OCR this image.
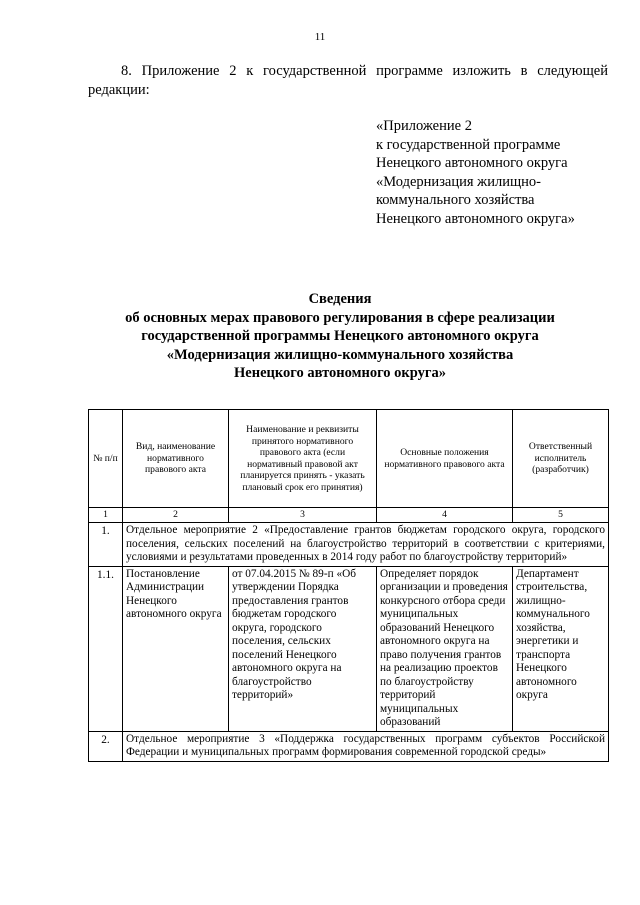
11
8. Приложение 2 к государственной программе изложить в следующей редакции:
«Приложение 2
к государственной программе
Ненецкого автономного округа
«Модернизация жилищно-
коммунального хозяйства
Ненецкого автономного округа»
Сведения
об основных мерах правового регулирования в сфере реализации
государственной программы Ненецкого автономного округа
«Модернизация жилищно-коммунального хозяйства
Ненецкого автономного округа»
№ п/п	Вид, наименование нормативного правового акта	Наименование и реквизиты принятого нормативного правового акта (если нормативный правовой акт планируется принять - указать плановый срок его принятия)	Основные положения нормативного правового акта	Ответственный исполнитель (разработчик)
1	2	3	4	5
1.	Отдельное мероприятие 2 «Предоставление грантов бюджетам городского округа, городского поселения, сельских поселений на благоустройство территорий в соответствии с критериями, условиями и результатами проведенных в 2014 году работ по благоустройству территорий»			
1.1.	Постановление Администрации Ненецкого автономного округа	от 07.04.2015 № 89-п «Об утверждении Порядка предоставления грантов бюджетам городского округа, городского поселения, сельских поселений Ненецкого автономного округа на благоустройство территорий»	Определяет порядок организации и проведения конкурсного отбора среди муниципальных образований Ненецкого автономного округа на право получения грантов на реализацию проектов по благоустройству территорий муниципальных образований	Департамент строительства, жилищно-коммунального хозяйства, энергетики и транспорта Ненецкого автономного округа
2.	Отдельное мероприятие 3 «Поддержка государственных программ субъектов Российской Федерации и муниципальных программ формирования современной городской среды»			
